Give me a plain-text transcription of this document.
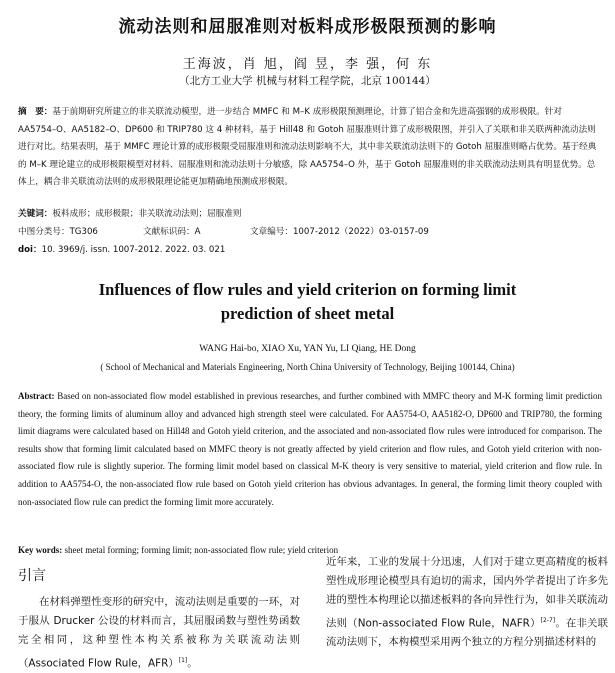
流动法则和屈服准则对板料成形极限预测的影响
王海波，肖 旭，阎 昱，李 强，何 东
（北方工业大学 机械与材料工程学院，北京 100144）
摘　要：基于前期研究所建立的非关联流动模型，进一步结合 MMFC 和 M–K 成形极限预测理论，计算了铝合金和先进高强钢的成形极限。针对 AA5754–O、AA5182–O、DP600 和 TRIP780 这 4 种材料，基于 Hill48 和 Gotoh 屈服准则计算了成形极限图，并引入了关联和非关联两种流动法则进行对比。结果表明，基于 MMFC 理论计算的成形极限受屈服准则和流动法则影响不大，其中非关联流动法则下的 Gotoh 屈服准则略占优势。基于经典的 M–K 理论建立的成形极限模型对材料、屈服准则和流动法则十分敏感，除 AA5754–O 外，基于 Gotoh 屈服准则的非关联流动法则具有明显优势。总体上，耦合非关联流动法则的成形极限理论能更加精确地预测成形极限。
关键词：板料成形；成形极限；非关联流动法则；屈服准则
中图分类号：TG306	文献标识码：A	文章编号：1007-2012（2022）03-0157-09
doi：10. 3969/j. issn. 1007-2012. 2022. 03. 021
Influences of flow rules and yield criterion on forming limit
prediction of sheet metal
WANG Hai-bo, XIAO Xu, YAN Yu, LI Qiang, HE Dong
( School of Mechanical and Materials Engineering, North China University of Technology, Beijing 100144, China)
Abstract: Based on non-associated flow model established in previous researches, and further combined with MMFC theory and M-K forming limit prediction theory, the forming limits of aluminum alloy and advanced high strength steel were calculated. For AA5754-O, AA5182-O, DP600 and TRIP780, the forming limit diagrams were calculated based on Hill48 and Gotoh yield criterion, and the associated and non-associated flow rules were introduced for comparison. The results show that forming limit calculated based on MMFC theory is not greatly affected by yield criterion and flow rules, and Gotoh yield criterion with non-associated flow rule is slightly superior. The forming limit model based on classical M-K theory is very sensitive to material, yield criterion and flow rule. In addition to AA5754-O, the non-associated flow rule based on Gotoh yield criterion has obvious advantages. In general, the forming limit theory coupled with non-associated flow rule can predict the forming limit more accurately.
Key words: sheet metal forming; forming limit; non-associated flow rule; yield criterion
引言
在材料弹塑性变形的研究中，流动法则是重要的一环，对于服从 Drucker 公设的材料而言，其屈服函数与塑性势函数完全相同，这种塑性本构关系被称为关联流动法则（Associated Flow Rule，AFR）[1]。
近年来，工业的发展十分迅速，人们对于建立更高精度的板料塑性成形理论模型具有迫切的需求，国内外学者提出了许多先进的塑性本构理论以描述板料的各向异性行为，如非关联流动法则（Non-associated Flow Rule，NAFR）[2-7]。在非关联流动法则下，本构模型采用两个独立的方程分别描述材料的
